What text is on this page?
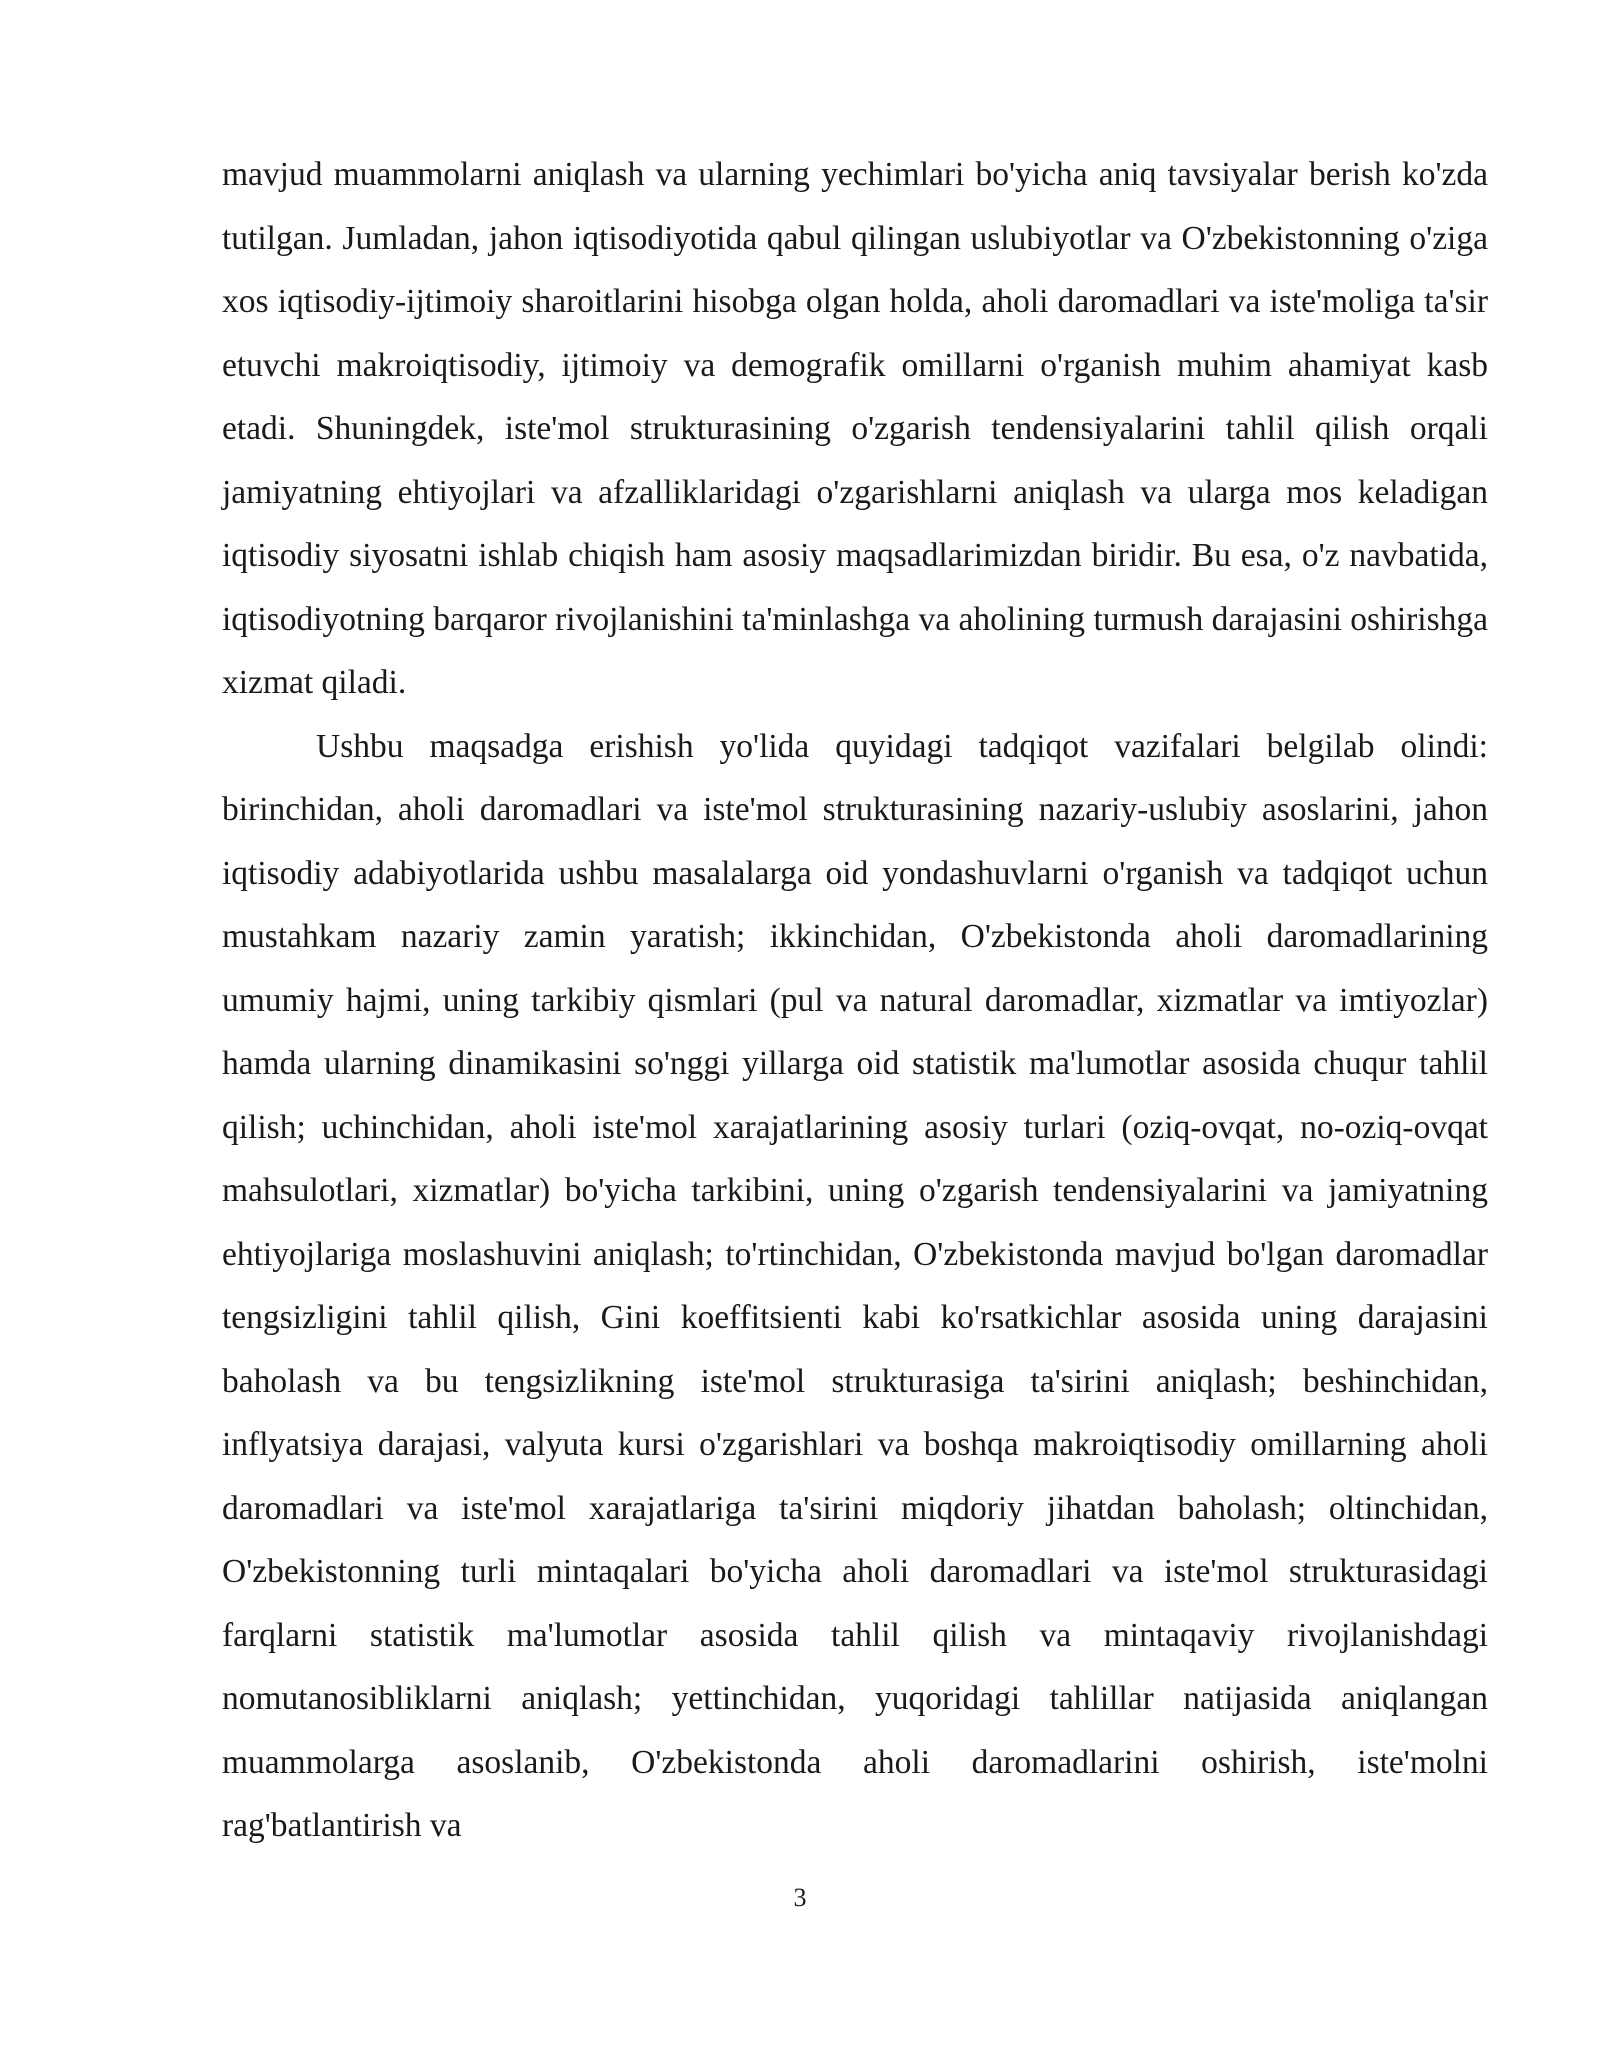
mavjud muammolarni aniqlash va ularning yechimlari bo'yicha aniq tavsiyalar berish ko'zda tutilgan. Jumladan, jahon iqtisodiyotida qabul qilingan uslubiyotlar va O'zbekistonning o'ziga xos iqtisodiy-ijtimoiy sharoitlarini hisobga olgan holda, aholi daromadlari va iste'moliga ta'sir etuvchi makroiqtisodiy, ijtimoiy va demografik omillarni o'rganish muhim ahamiyat kasb etadi. Shuningdek, iste'mol strukturasining o'zgarish tendensiyalarini tahlil qilish orqali jamiyatning ehtiyojlari va afzalliklaridagi o'zgarishlarni aniqlash va ularga mos keladigan iqtisodiy siyosatni ishlab chiqish ham asosiy maqsadlarimizdan biridir. Bu esa, o'z navbatida, iqtisodiyotning barqaror rivojlanishini ta'minlashga va aholining turmush darajasini oshirishga xizmat qiladi.

Ushbu maqsadga erishish yo'lida quyidagi tadqiqot vazifalari belgilab olindi: birinchidan, aholi daromadlari va iste'mol strukturasining nazariy-uslubiy asoslarini, jahon iqtisodiy adabiyotlarida ushbu masalalarga oid yondashuvlarni o'rganish va tadqiqot uchun mustahkam nazariy zamin yaratish; ikkinchidan, O'zbekistonda aholi daromadlarining umumiy hajmi, uning tarkibiy qismlari (pul va natural daromadlar, xizmatlar va imtiyozlar) hamda ularning dinamikasini so'nggi yillarga oid statistik ma'lumotlar asosida chuqur tahlil qilish; uchinchidan, aholi iste'mol xarajatlarining asosiy turlari (oziq-ovqat, no-oziq-ovqat mahsulotlari, xizmatlar) bo'yicha tarkibini, uning o'zgarish tendensiyalarini va jamiyatning ehtiyojlariga moslashuvini aniqlash; to'rtinchidan, O'zbekistonda mavjud bo'lgan daromadlar tengsizligini tahlil qilish, Gini koeffitsienti kabi ko'rsatkichlar asosida uning darajasini baholash va bu tengsizlikning iste'mol strukturasiga ta'sirini aniqlash; beshinchidan, inflyatsiya darajasi, valyuta kursi o'zgarishlari va boshqa makroiqtisodiy omillarning aholi daromadlari va iste'mol xarajatlariga ta'sirini miqdoriy jihatdan baholash; oltinchidan, O'zbekistonning turli mintaqalari bo'yicha aholi daromadlari va iste'mol strukturasidagi farqlarni statistik ma'lumotlar asosida tahlil qilish va mintaqaviy rivojlanishdagi nomutanosibliklarni aniqlash; yettinchidan, yuqoridagi tahlillar natijasida aniqlangan muammolarga asoslanib, O'zbekistonda aholi daromadlarini oshirish, iste'molni rag'batlantirish va

3
